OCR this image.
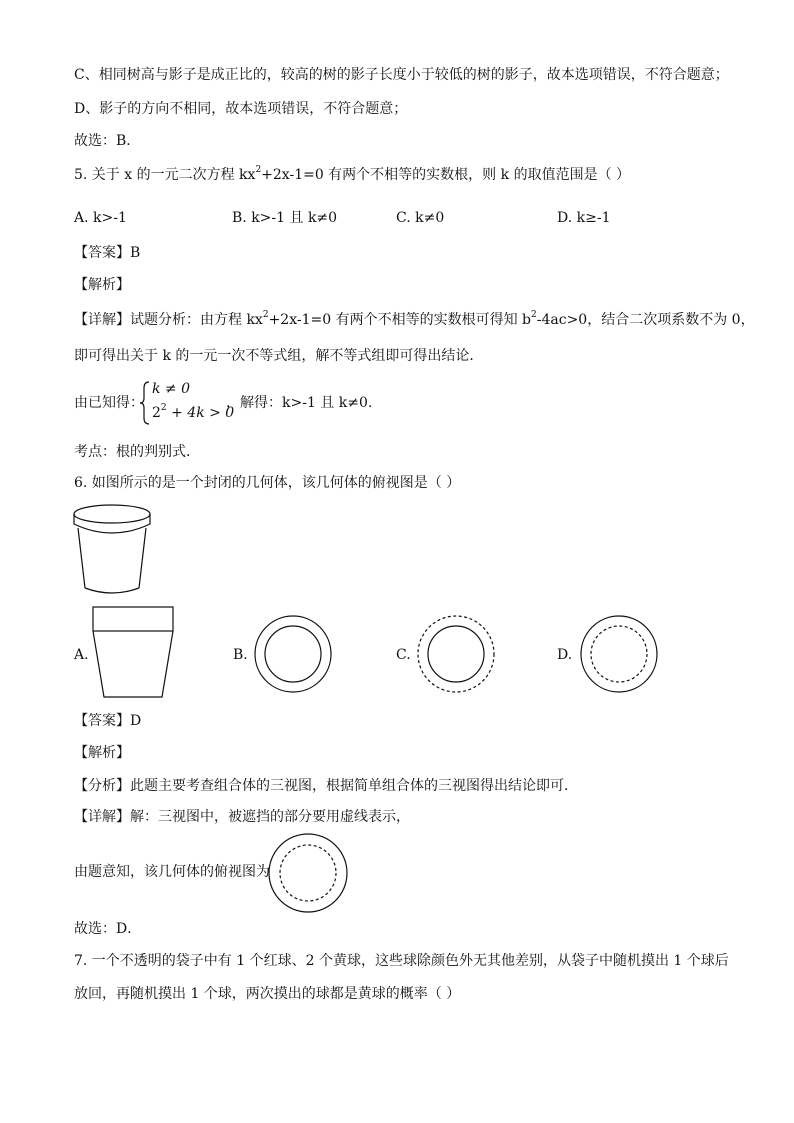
C、相同树高与影子是成正比的，较高的树的影子长度小于较低的树的影子，故本选项错误，不符合题意；
D、影子的方向不相同，故本选项错误，不符合题意；
故选：B．
5. 关于 x 的一元二次方程 $kx^2+2x-1=0$ 有两个不相等的实数根，则 k 的取值范围是（ ）
A. k>-1	B. k>-1 且 k≠0	C. k≠0	D. k≥-1
【答案】B
【解析】
【详解】试题分析：由方程 $kx^2+2x-1=0$ 有两个不相等的实数根可得知 $b^2-4ac>0$，结合二次项系数不为 0，
即可得出关于 k 的一元一次不等式组，解不等式组即可得出结论．
由已知得：
k ≠ 0
$2^2 + 4k > 0$
，解得：k>-1 且 k≠0.
考点：根的判别式．
6. 如图所示的是一个封闭的几何体，该几何体的俯视图是（ ）
A.	B.	C.	D.
【答案】D
【解析】
【分析】此题主要考查组合体的三视图，根据简单组合体的三视图得出结论即可．
【详解】解：三视图中，被遮挡的部分要用虚线表示，
由题意知，该几何体的俯视图为
故选：D．
7. 一个不透明的袋子中有 1 个红球、2 个黄球，这些球除颜色外无其他差别，从袋子中随机摸出 1 个球后
放回，再随机摸出 1 个球，两次摸出的球都是黄球的概率（ ）
